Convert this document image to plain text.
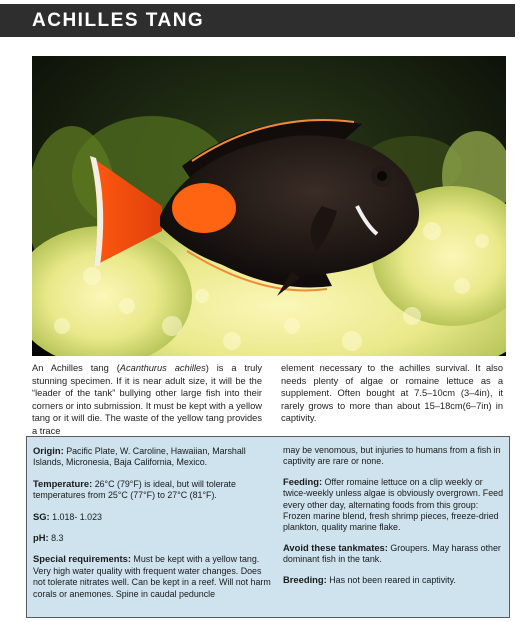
ACHILLES TANG

An Achilles tang (Acanthurus achilles) is a truly stunning specimen. If it is near adult size, it will be the “leader of the tank” bullying other large fish into their corners or into submission. It must be kept with a yellow tang or it will die. The waste of the yellow tang provides a trace

element necessary to the achilles survival. It also needs plenty of algae or romaine lettuce as a supplement. Often bought at 7.5–10cm (3–4in), it rarely grows to more than about 15–18cm(6–7in) in captivity.

Origin: Pacific Plate, W. Caroline, Hawaiian, Marshall Islands, Micronesia, Baja California, Mexico.
Temperature: 26°C (79°F) is ideal, but will tolerate temperatures from 25°C (77°F) to 27°C (81°F).
SG: 1.018- 1.023
pH: 8.3
Special requirements: Must be kept with a yellow tang. Very high water quality with frequent water changes. Does not tolerate nitrates well. Can be kept in a reef. Will not harm corals or anemones. Spine in caudal peduncle
may be venomous, but injuries to humans from a fish in captivity are rare or none.
Feeding: Offer romaine lettuce on a clip weekly or twice-weekly unless algae is obviously overgrown. Feed every other day, alternating foods from this group: Frozen marine blend, fresh shrimp pieces, freeze-dried plankton, quality marine flake.
Avoid these tankmates: Groupers. May harass other dominant fish in the tank.
Breeding: Has not been reared in captivity.
